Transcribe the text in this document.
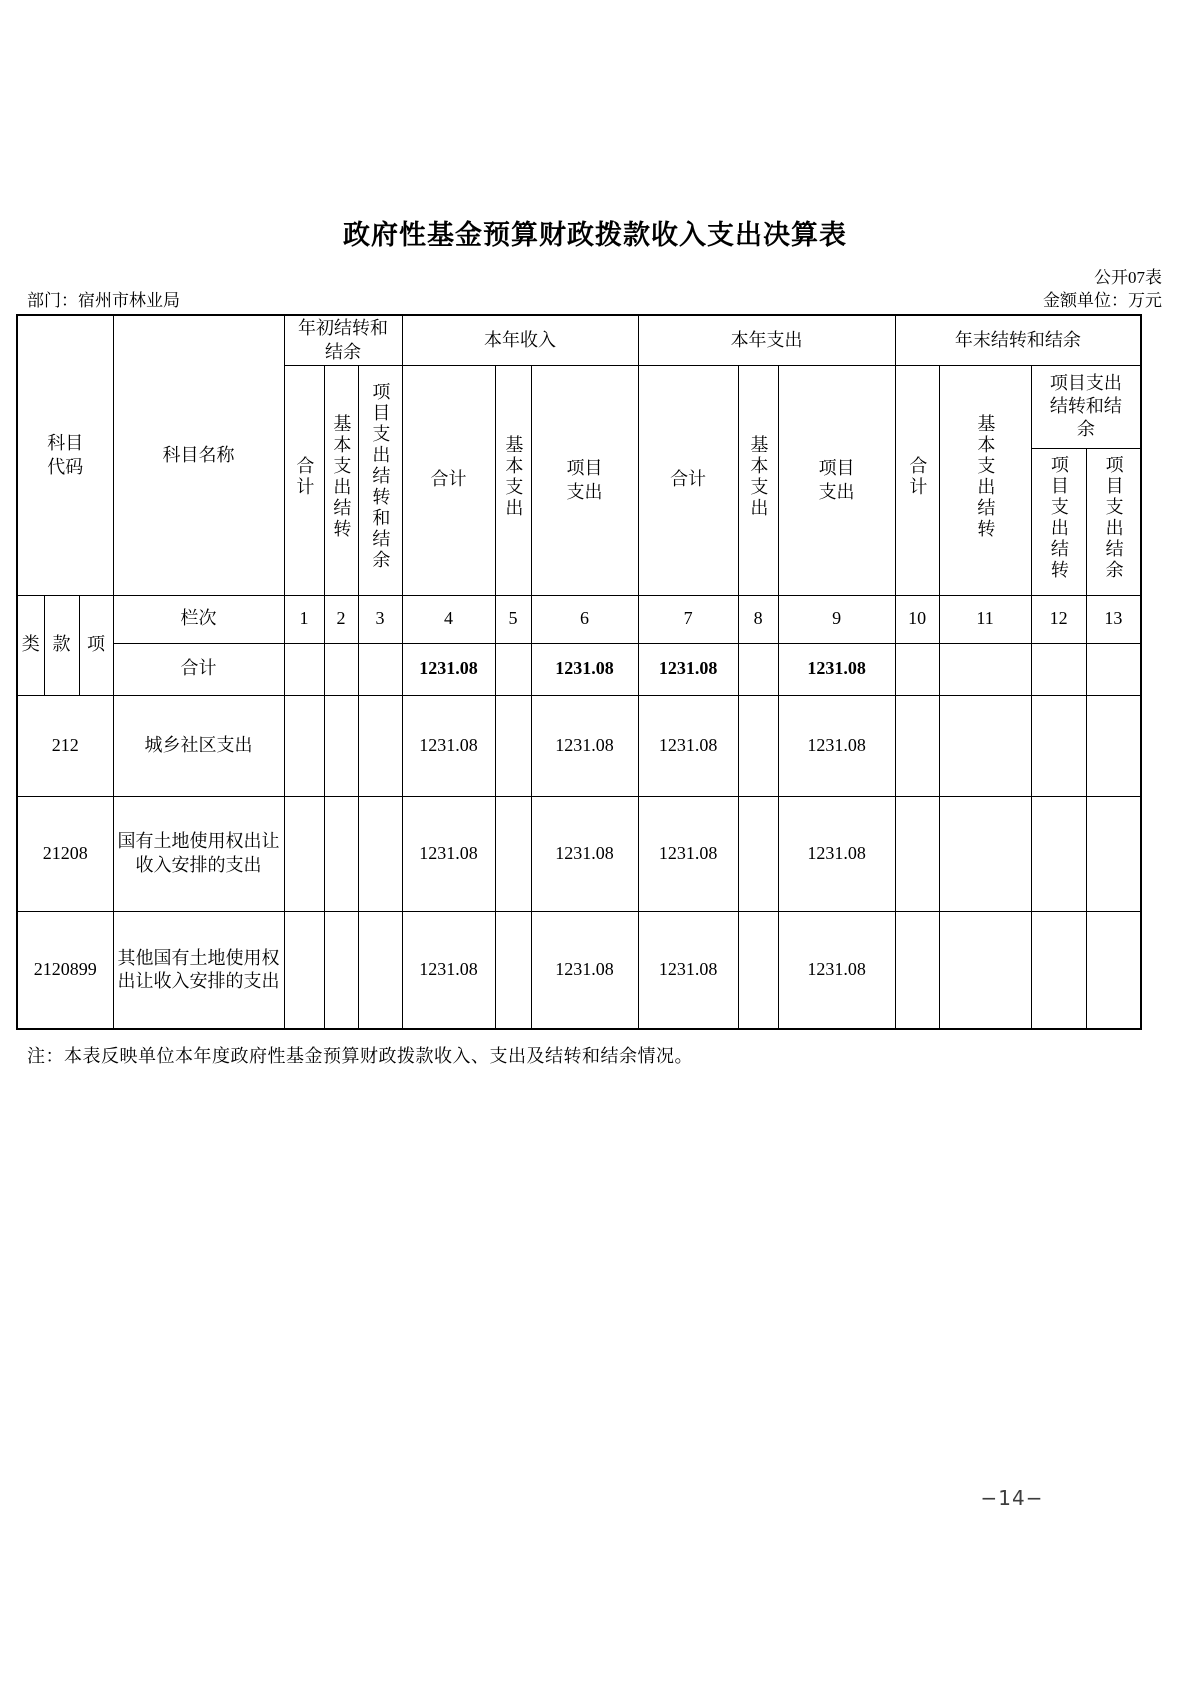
政府性基金预算财政拨款收入支出决算表
公开07表
部门：宿州市林业局	金额单位：万元
科目代码			科目名称	年初结转和结余			本年收入			本年支出			年末结转和结余			
				合计	基本支出结转	项目支出结转和结余	合计	基本支出	项目支出	合计	基本支出	项目支出	合计	基本支出结转	项目支出结转和结余	
															项目支出结转	项目支出结余
类	款	项	栏次	1	2	3	4	5	6	7	8	9	10	11	12	13
			合计				1231.08		1231.08	1231.08		1231.08				
212			城乡社区支出				1231.08		1231.08	1231.08		1231.08				
21208			国有土地使用权出让收入安排的支出				1231.08		1231.08	1231.08		1231.08				
2120899			其他国有土地使用权出让收入安排的支出				1231.08		1231.08	1231.08		1231.08				
注：本表反映单位本年度政府性基金预算财政拨款收入、支出及结转和结余情况。
−14−
